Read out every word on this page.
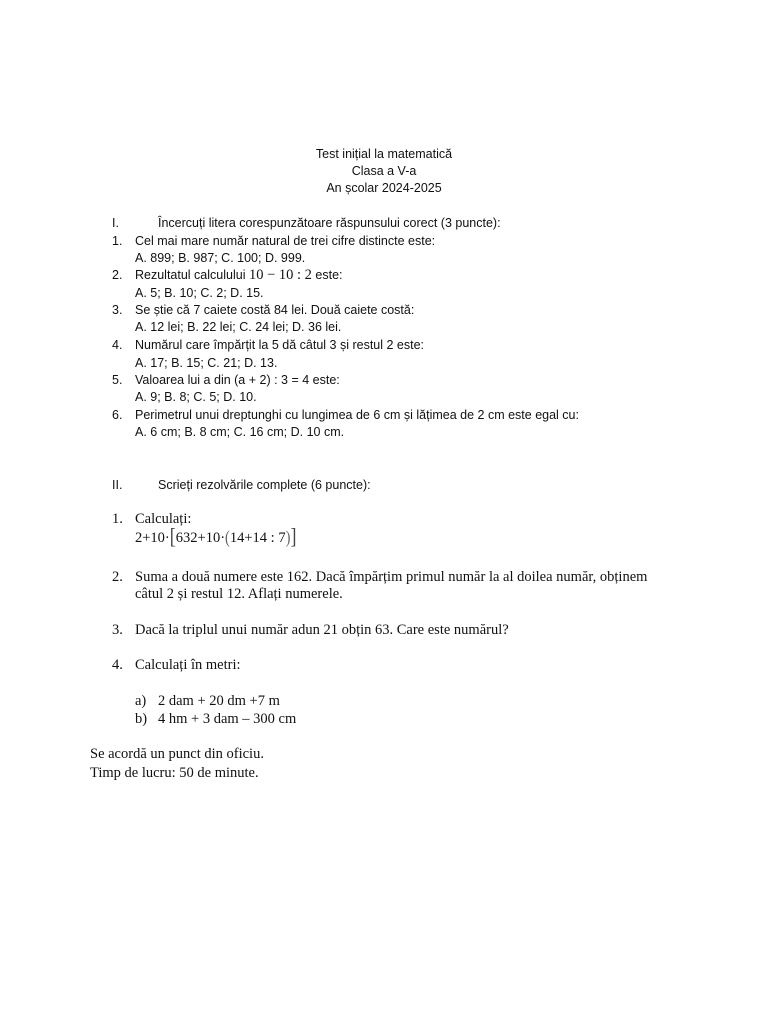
Test inițial la matematică
Clasa a V-a
An școlar 2024-2025
I.	Încercuți litera corespunzătoare răspunsului corect (3 puncte):
1. Cel mai mare număr natural de trei cifre distincte este:
A. 899; B. 987; C. 100; D. 999.
2. Rezultatul calculului 10 − 10 : 2 este:
A. 5; B. 10; C. 2; D. 15.
3. Se știe că 7 caiete costă 84 lei. Două caiete costă:
A. 12 lei; B. 22 lei; C. 24 lei; D. 36 lei.
4. Numărul care împărțit la 5 dă câtul 3 și restul 2 este:
A. 17; B. 15; C. 21; D. 13.
5. Valoarea lui a din (a + 2) : 3 = 4 este:
A. 9; B. 8; C. 5; D. 10.
6. Perimetrul unui dreptunghi cu lungimea de 6 cm și lățimea de 2 cm este egal cu:
A. 6 cm; B. 8 cm; C. 16 cm; D. 10 cm.
II.	Scrieți rezolvările complete (6 puncte):
1. Calculați:
2+10·[632+10·(14+14 : 7)]
2. Suma a două numere este 162. Dacă împărțim primul număr la al doilea număr, obținem
câtul 2 și restul 12. Aflați numerele.
3. Dacă la triplul unui număr adun 21 obțin 63. Care este numărul?
4. Calculați în metri:
a) 2 dam + 20 dm +7 m
b) 4 hm + 3 dam – 300 cm
Se acordă un punct din oficiu.
Timp de lucru: 50 de minute.
